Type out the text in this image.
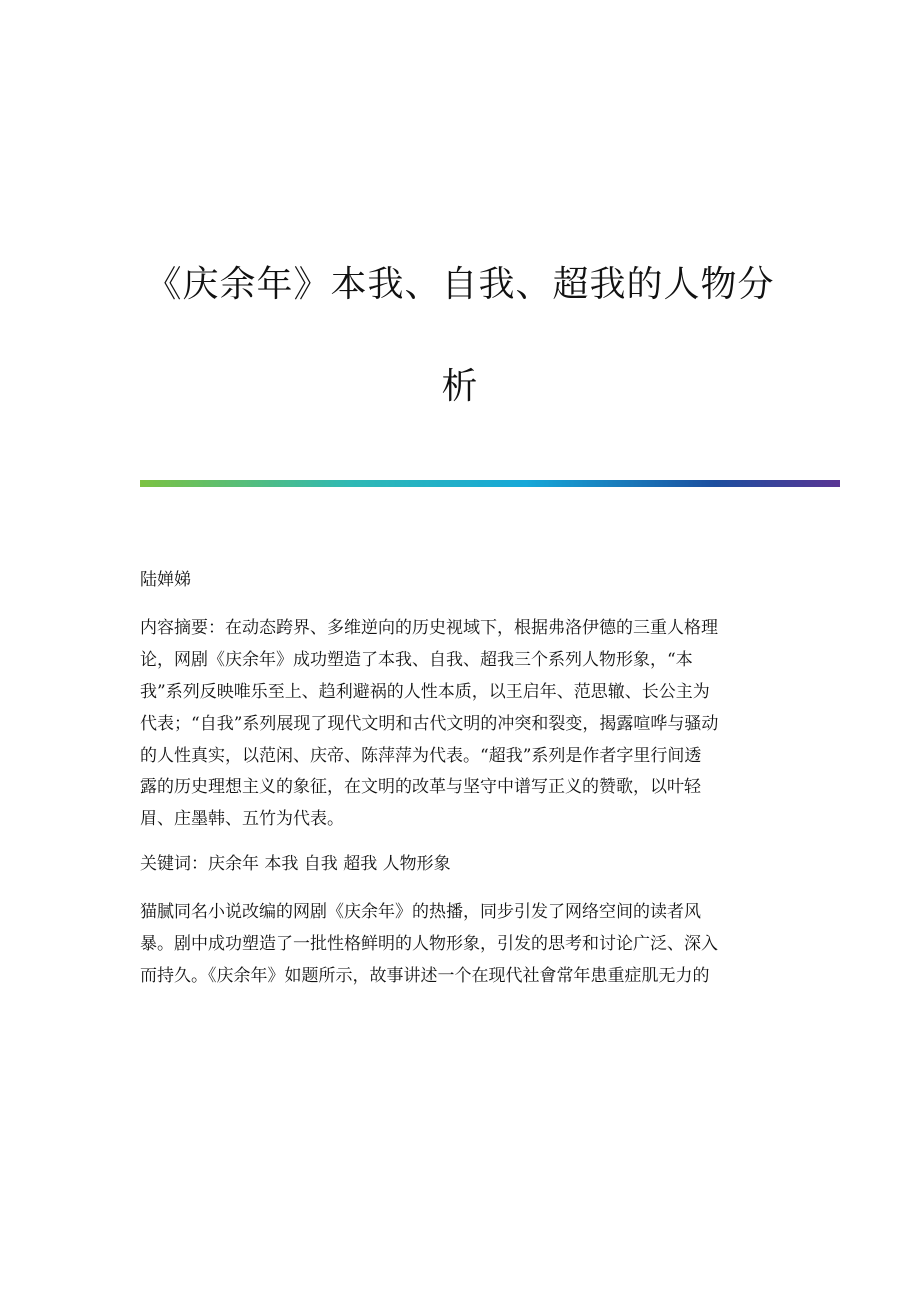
《庆余年》本我、自我、超我的人物分
析

陆婵娣

内容摘要：在动态跨界、多维逆向的历史视域下，根据弗洛伊德的三重人格理
论，网剧《庆余年》成功塑造了本我、自我、超我三个系列人物形象，“本
我”系列反映唯乐至上、趋利避祸的人性本质，以王启年、范思辙、长公主为
代表；“自我”系列展现了现代文明和古代文明的冲突和裂变，揭露喧哗与骚动
的人性真实，以范闲、庆帝、陈萍萍为代表。“超我”系列是作者字里行间透
露的历史理想主义的象征，在文明的改革与坚守中谱写正义的赞歌，以叶轻
眉、庄墨韩、五竹为代表。

关键词：庆余年 本我 自我 超我 人物形象

猫腻同名小说改编的网剧《庆余年》的热播，同步引发了网络空间的读者风
暴。剧中成功塑造了一批性格鲜明的人物形象，引发的思考和讨论广泛、深入
而持久。《庆余年》如题所示，故事讲述一个在现代社會常年患重症肌无力的
